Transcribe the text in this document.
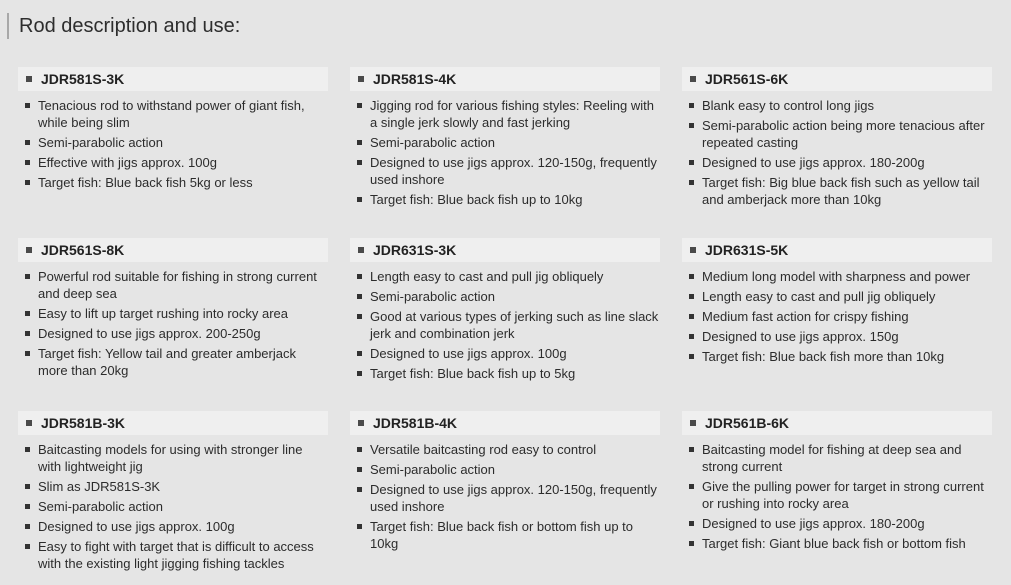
Rod description and use:
JDR581S-3K
Tenacious rod to withstand power of giant fish, while being slim
Semi-parabolic action
Effective with jigs approx. 100g
Target fish: Blue back fish 5kg or less
JDR581S-4K
Jigging rod for various fishing styles: Reeling with a single jerk slowly and fast jerking
Semi-parabolic action
Designed to use jigs approx. 120-150g, frequently used inshore
Target fish: Blue back fish up to 10kg
JDR561S-6K
Blank easy to control long jigs
Semi-parabolic action being more tenacious after repeated casting
Designed to use jigs approx. 180-200g
Target fish: Big blue back fish such as yellow tail and amberjack more than 10kg
JDR561S-8K
Powerful rod suitable for fishing in strong current and deep sea
Easy to lift up target rushing into rocky area
Designed to use jigs approx. 200-250g
Target fish: Yellow tail and greater amberjack more than 20kg
JDR631S-3K
Length easy to cast and pull jig obliquely
Semi-parabolic action
Good at various types of jerking such as line slack jerk and combination jerk
Designed to use jigs approx. 100g
Target fish: Blue back fish up to 5kg
JDR631S-5K
Medium long model with sharpness and power
Length easy to cast and pull jig obliquely
Medium fast action for crispy fishing
Designed to use jigs approx. 150g
Target fish: Blue back fish more than 10kg
JDR581B-3K
Baitcasting models for using with stronger line with lightweight jig
Slim as JDR581S-3K
Semi-parabolic action
Designed to use jigs approx. 100g
Easy to fight with target that is difficult to access with the existing light jigging fishing tackles
JDR581B-4K
Versatile baitcasting rod easy to control
Semi-parabolic action
Designed to use jigs approx. 120-150g, frequently used inshore
Target fish: Blue back fish or bottom fish up to 10kg
JDR561B-6K
Baitcasting model for fishing at deep sea and strong current
Give the pulling power for target in strong current or rushing into rocky area
Designed to use jigs approx. 180-200g
Target fish: Giant blue back fish or bottom fish
